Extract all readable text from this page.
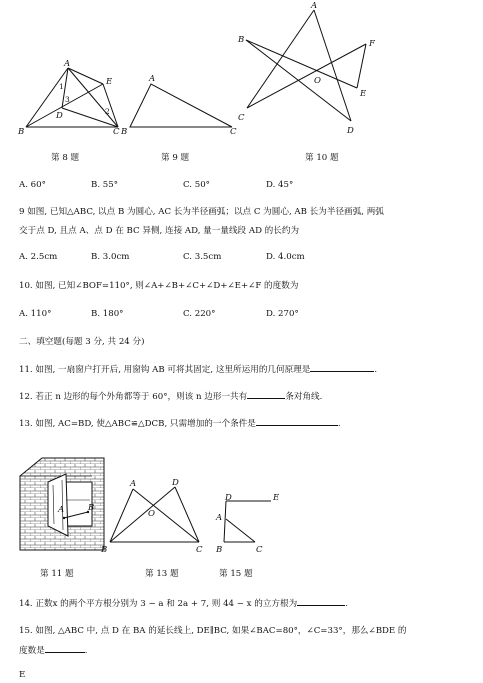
A
B	C
D
E
1
2
3
A
B	C
A
B
C
D
E
F
O
第 8 题	第 9 题	第 10 题
A. 60°	B. 55°	C. 50°	D. 45°
9 如图, 已知△ABC, 以点 B 为圆心, AC 长为半径画弧；以点 C 为圆心, AB 长为半径画弧, 两弧
交于点 D, 且点 A、点 D 在 BC 异侧, 连接 AD, 量一量线段 AD 的长约为
A. 2.5cm	B. 3.0cm	C. 3.5cm	D. 4.0cm
10. 如图, 已知∠BOF=110°, 则∠A+∠B+∠C+∠D+∠E+∠F 的度数为
A. 110°	B. 180°	C. 220°	D. 270°
二、填空题(每题 3 分, 共 24 分)
11. 如图, 一扇窗户打开后, 用窗钩 AB 可将其固定, 这里所运用的几何原理是	.
12. 若正 n 边形的每个外角都等于 60°，则该 n 边形一共有	条对角线.
13. 如图, AC=BD, 使△ABC≌△DCB, 只需增加的一个条件是	.
A	B
A
B	C
D
O
D	E
A
B	C
第 11 题	第 13 题	第 15 题
14. 正数x 的两个平方根分别为 3 − a 和 2a + 7, 则 44 − x 的立方根为	.
15. 如图, △ABC 中, 点 D 在 BA 的延长线上, DE∥BC, 如果∠BAC=80°，∠C=33°，那么∠BDE 的
度数是	.
E
